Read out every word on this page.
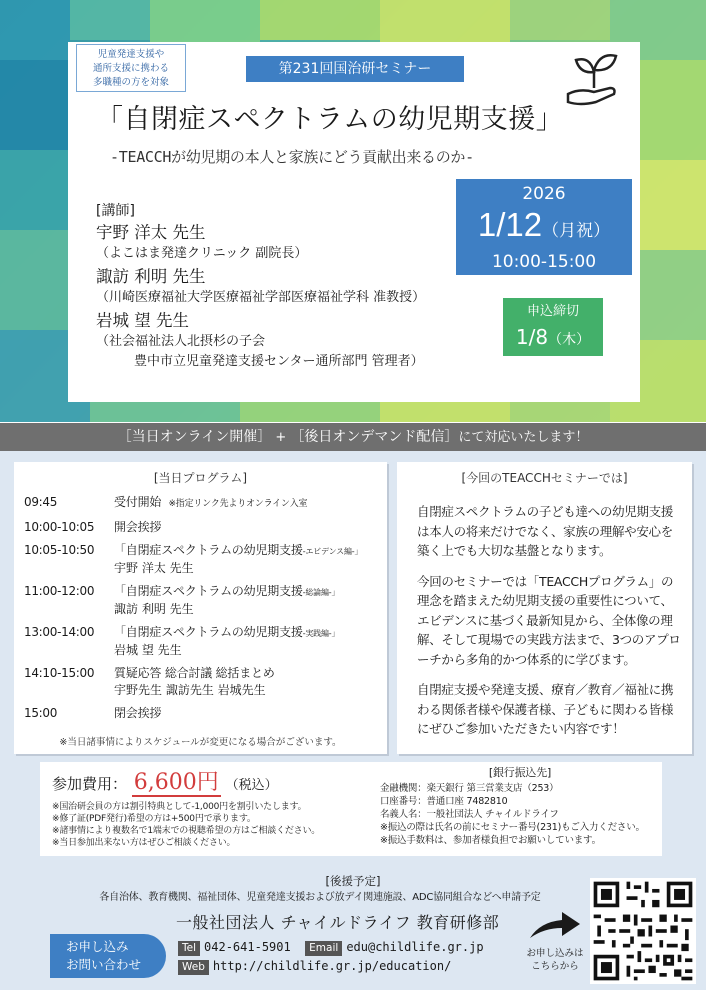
児童発達支援や
通所支援に携わる
多職種の方を対象
第231回国治研セミナー
「自閉症スペクトラムの幼児期支援」
-TEACCHが幼児期の本人と家族にどう貢献出来るのか-
[講師]
宇野 洋太 先生
（よこはま発達クリニック 副院長）
諏訪 利明 先生
（川崎医療福祉大学医療福祉学部医療福祉学科 准教授）
岩城 望 先生
（社会福祉法人北摂杉の子会
豊中市立児童発達支援センター通所部門 管理者）
2026
1/12（月祝）
10:00-15:00
申込締切
1/8（木）
［当日オンライン開催］ + ［後日オンデマンド配信］にて対応いたします！
[当日プログラム]
09:45	受付開始 ※指定リンク先よりオンライン入室
10:00-10:05	開会挨拶
10:05-10:50	「自閉症スペクトラムの幼児期支援-エビデンス編-」
宇野 洋太 先生
11:00-12:00	「自閉症スペクトラムの幼児期支援-総論編-」
諏訪 利明 先生
13:00-14:00	「自閉症スペクトラムの幼児期支援-実践編-」
岩城 望 先生
14:10-15:00	質疑応答 総合討議 総括まとめ
宇野先生 諏訪先生 岩城先生
15:00	閉会挨拶
※当日諸事情によりスケジュールが変更になる場合がございます。
[今回のTEACCHセミナーでは]

自閉症スペクトラムの子ども達への幼児期支援は本人の将来だけでなく、家族の理解や安心を築く上でも大切な基盤となります。

今回のセミナーでは「TEACCHプログラム」の理念を踏まえた幼児期支援の重要性について、エビデンスに基づく最新知見から、全体像の理解、そして現場での実践方法まで、3つのアプローチから多角的かつ体系的に学びます。

自閉症支援や発達支援、療育／教育／福祉に携わる関係者様や保護者様、子どもに関わる皆様にぜひご参加いただきたい内容です！

参加費用： 6,600円 （税込）
※国治研会員の方は割引特典として-1,000円を割引いたします。
※修了証(PDF発行)希望の方は+500円で承ります。
※諸事情により複数名で1端末での視聴希望の方はご相談ください。
※当日参加出来ない方はぜひご相談ください。
[銀行振込先]
金融機関：楽天銀行 第三営業支店（253）
口座番号：普通口座 7482810
名義人名：一般社団法人 チャイルドライフ
※振込の際は氏名の前にセミナー番号(231)もご入力ください。
※振込手数料は、参加者様負担でお願いしています。
[後援予定]
各自治体、教育機関、福祉団体、児童発達支援および放デイ関連施設、ADC協同組合などへ申請予定
一般社団法人 チャイルドライフ 教育研修部
お申し込み
お問い合わせ
Tel 042-641-5901 Email edu@childlife.gr.jp
Web http://childlife.gr.jp/education/
お申し込みは
こちらから
